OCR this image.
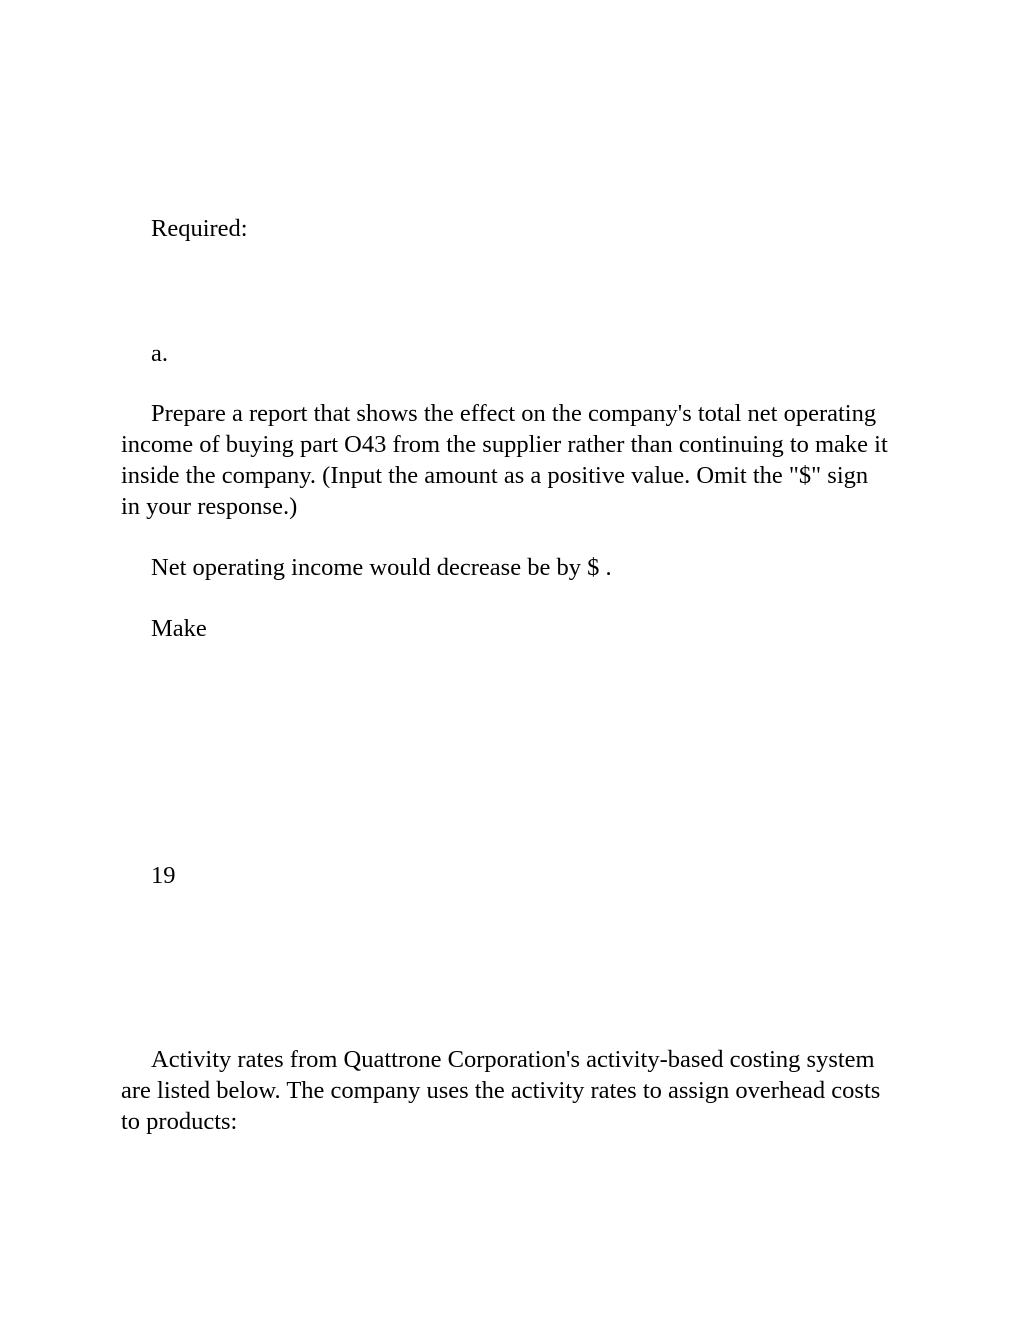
Required:

a.

Prepare a report that shows the effect on the company's total net operating income of buying part O43 from the supplier rather than continuing to make it inside the company. (Input the amount as a positive value. Omit the "$" sign in your response.)

Net operating income would decrease be by $ .

Make

19

Activity rates from Quattrone Corporation's activity-based costing system are listed below. The company uses the activity rates to assign overhead costs to products:
